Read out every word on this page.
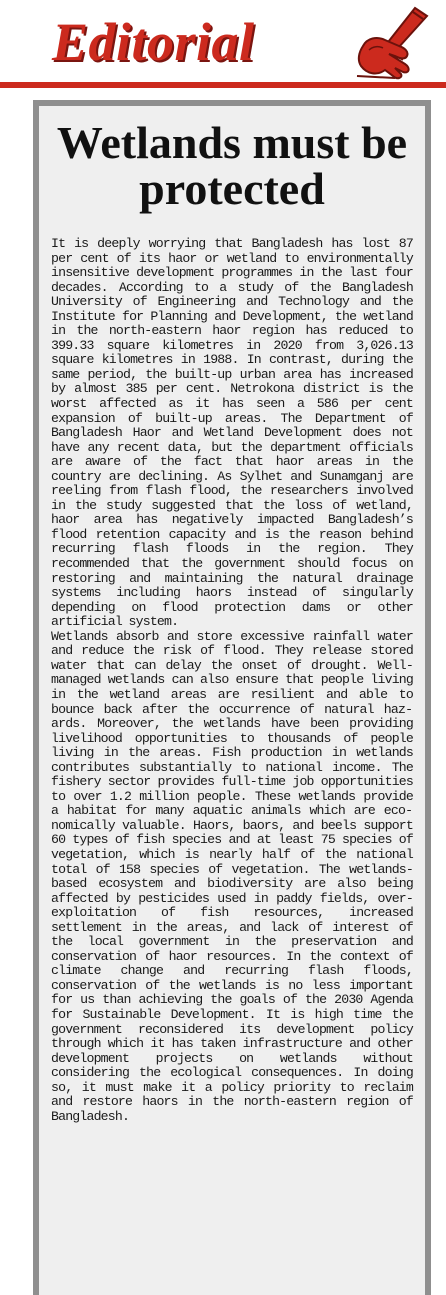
Editorial
Wetlands must be protected

It is deeply worrying that Bangladesh has lost 87 per cent of its haor or wetland to environmentally insensitive development programmes in the last four decades. According to a study of the Bangladesh University of Engineering and Technology and the Institute for Planning and Development, the wetland in the north-eastern haor region has reduced to 399.33 square kilometres in 2020 from 3,026.13 square kilometres in 1988. In contrast, during the same period, the built-up urban area has increased by almost 385 per cent. Netrokona district is the worst affected as it has seen a 586 per cent expansion of built-up areas. The Department of Bangladesh Haor and Wetland Development does not have any recent data, but the department officials are aware of the fact that haor areas in the country are declining. As Sylhet and Sunamganj are reeling from flash flood, the researchers involved in the study suggested that the loss of wetland, haor area has negatively impacted Bangladesh’s flood retention capacity and is the reason behind recurring flash floods in the region. They recommended that the government should focus on restoring and maintaining the natural drainage systems including haors instead of singularly depending on flood protection dams or other artificial system.

Wetlands absorb and store excessive rainfall water and reduce the risk of flood. They release stored water that can delay the onset of drought. Well-managed wetlands can also ensure that people living in the wetland areas are resilient and able to bounce back after the occurrence of natural hazards. Moreover, the wetlands have been providing livelihood opportunities to thousands of people living in the areas. Fish production in wetlands contributes substantially to national income. The fishery sector provides full-time job opportunities to over 1.2 million people. These wetlands provide a habitat for many aquatic animals which are economically valuable. Haors, baors, and beels support 60 types of fish species and at least 75 species of vegetation, which is nearly half of the national total of 158 species of vegetation. The wetlands-based ecosystem and biodiversity are also being affected by pesticides used in paddy fields, over-exploitation of fish resources, increased settlement in the areas, and lack of interest of the local government in the preservation and conservation of haor resources. In the context of climate change and recurring flash floods, conservation of the wetlands is no less important for us than achieving the goals of the 2030 Agenda for Sustainable Development. It is high time the government reconsidered its development policy through which it has taken infrastructure and other development projects on wetlands without considering the ecological consequences. In doing so, it must make it a policy priority to reclaim and restore haors in the north-eastern region of Bangladesh.
